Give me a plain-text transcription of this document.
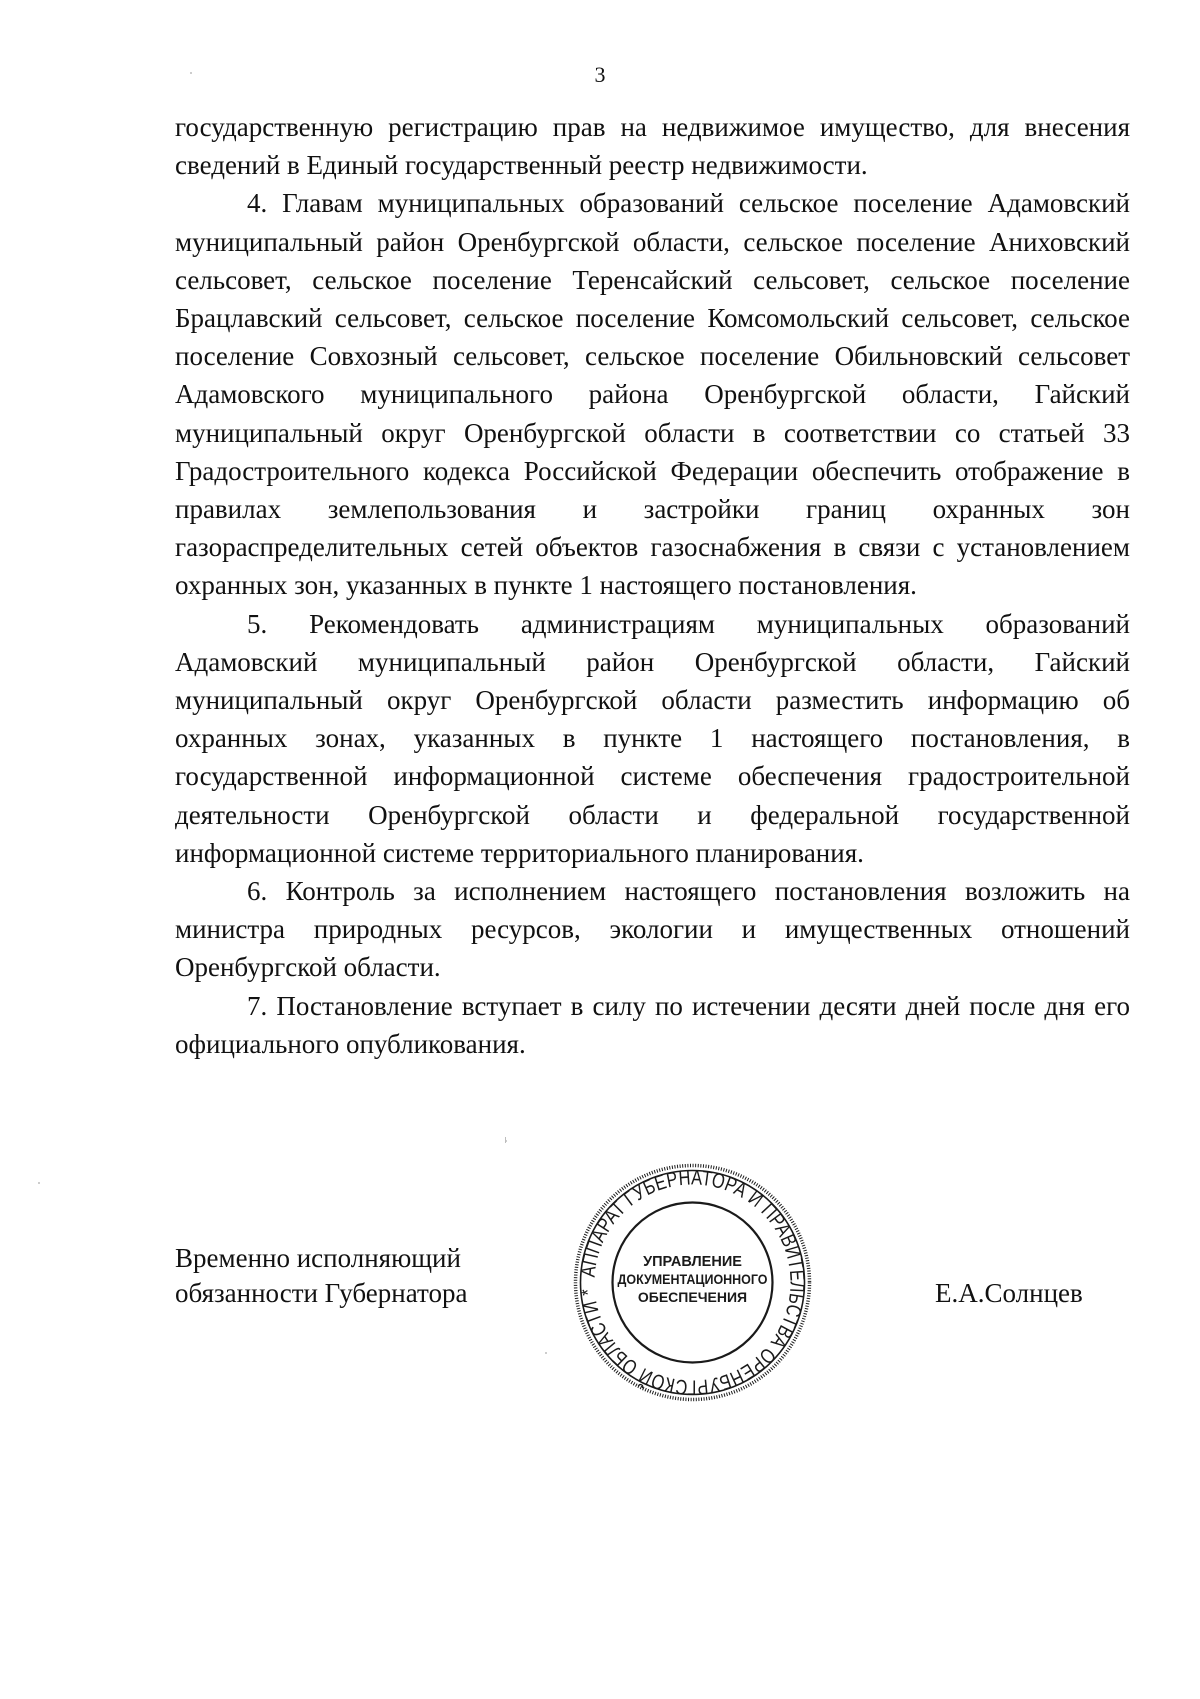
3

государственную регистрацию прав на недвижимое имущество, для внесения сведений в Единый государственный реестр недвижимости.

4. Главам муниципальных образований сельское поселение Адамовский муниципальный район Оренбургской области, сельское поселение Аниховский сельсовет, сельское поселение Теренсайский сельсовет, сельское поселение Брацлавский сельсовет, сельское поселение Комсомольский сельсовет, сельское поселение Совхозный сельсовет, сельское поселение Обильновский сельсовет Адамовского муниципального района Оренбургской области, Гайский муниципальный округ Оренбургской области в соответствии со статьей 33 Градостроительного кодекса Российской Федерации обеспечить отображение в правилах землепользования и застройки границ охранных зон газораспределительных сетей объектов газоснабжения в связи с установлением охранных зон, указанных в пункте 1 настоящего постановления.

5. Рекомендовать администрациям муниципальных образований Адамовский муниципальный район Оренбургской области, Гайский муниципальный округ Оренбургской области разместить информацию об охранных зонах, указанных в пункте 1 настоящего постановления, в государственной информационной системе обеспечения градостроительной деятельности Оренбургской области и федеральной государственной информационной системе территориального планирования.

6. Контроль за исполнением настоящего постановления возложить на министра природных ресурсов, экологии и имущественных отношений Оренбургской области.

7. Постановление вступает в силу по истечении десяти дней после дня его официального опубликования.

Временно исполняющий
обязанности Губернатора
АППАРАТ ГУБЕРНАТОРА И ПРАВИТЕЛЬСТВА ОРЕНБУРГСКОЙ ОБЛАСТИ *
УПРАВЛЕНИЕ
ДОКУМЕНТАЦИОННОГО
ОБЕСПЕЧЕНИЯ	Е.А.Солнцев
